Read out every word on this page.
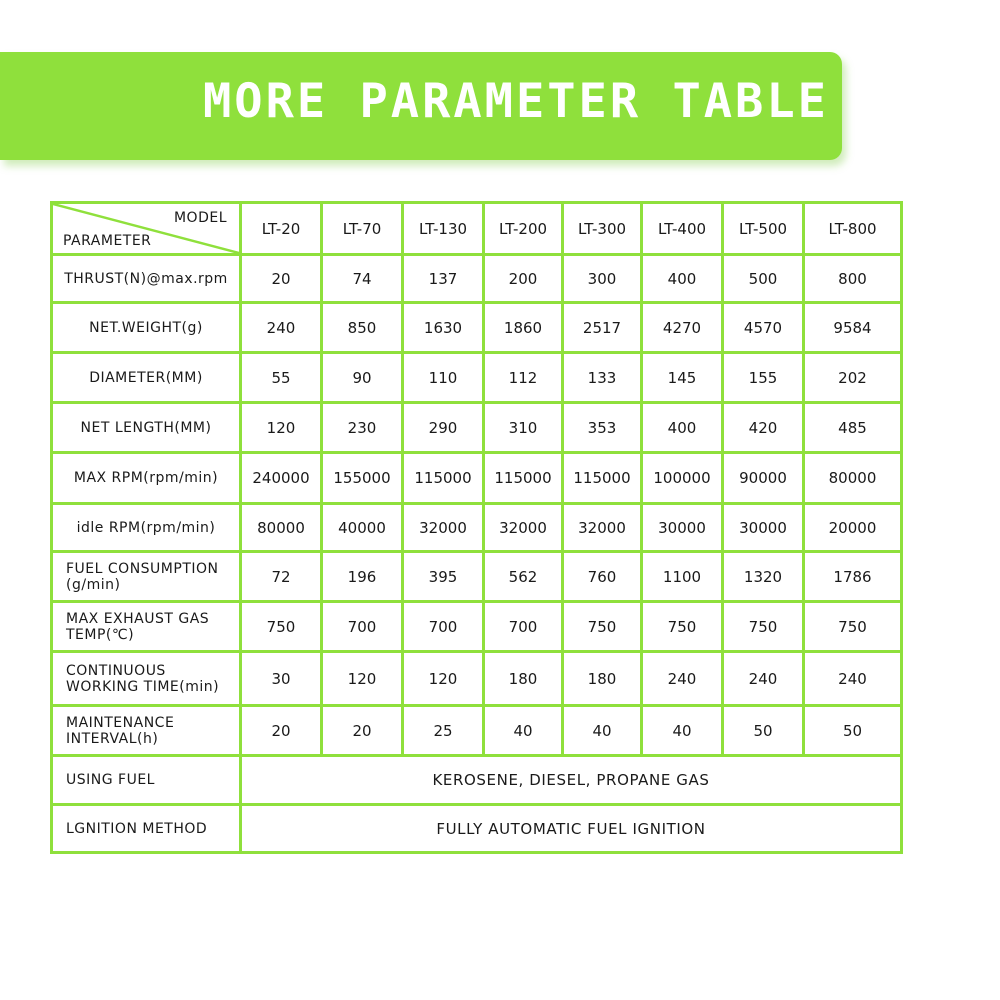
MORE PARAMETER TABLE
MODEL
PARAMETER	LT-20	LT-70	LT-130	LT-200	LT-300	LT-400	LT-500	LT-800
THRUST(N)@max.rpm	20	74	137	200	300	400	500	800
NET.WEIGHT(g)	240	850	1630	1860	2517	4270	4570	9584
DIAMETER(MM)	55	90	110	112	133	145	155	202
NET LENGTH(MM)	120	230	290	310	353	400	420	485
MAX RPM(rpm/min)	240000	155000	115000	115000	115000	100000	90000	80000
idle RPM(rpm/min)	80000	40000	32000	32000	32000	30000	30000	20000

FUEL CONSUMPTION
(g/min)	72	196	395	562	760	1100	1320	1786

MAX EXHAUST GAS
TEMP(℃)	750	700	700	700	750	750	750	750

CONTINUOUS
WORKING TIME(min)	30	120	120	180	180	240	240	240

MAINTENANCE
INTERVAL(h)	20	20	25	40	40	40	50	50
USING FUEL	KEROSENE, DIESEL, PROPANE GAS							
LGNITION METHOD	FULLY AUTOMATIC FUEL IGNITION							
